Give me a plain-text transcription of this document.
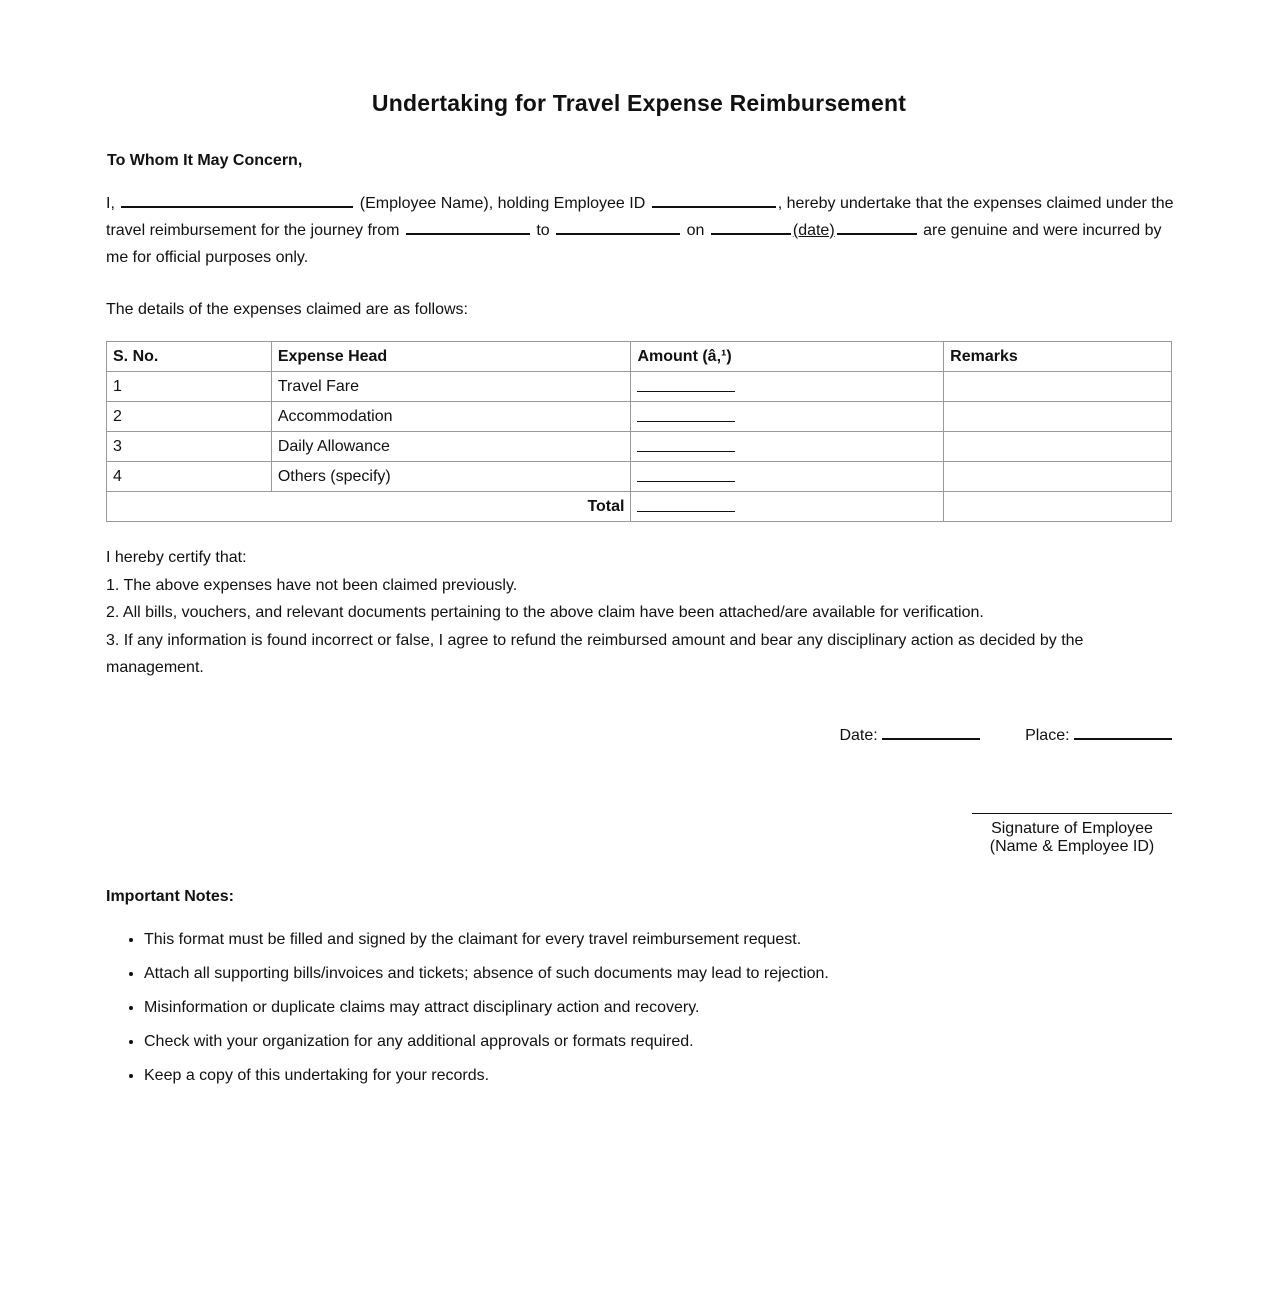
Undertaking for Travel Expense Reimbursement
To Whom It May Concern,
I,	(Employee Name), holding Employee ID	, hereby undertake that the expenses claimed under the travel reimbursement for the journey from	to	on	(date)	are genuine and were incurred by me for official purposes only.
The details of the expenses claimed are as follows:
S. No.	Expense Head	Amount (â‚¹)	Remarks
1	Travel Fare		
2	Accommodation		
3	Daily Allowance		
4	Others (specify)		
Total			
I hereby certify that:
1. The above expenses have not been claimed previously.
2. All bills, vouchers, and relevant documents pertaining to the above claim have been attached/are available for verification.
3. If any information is found incorrect or false, I agree to refund the reimbursed amount and bear any disciplinary action as decided by the management.
Date:	Place:
Signature of Employee
(Name & Employee ID)
Important Notes:
• This format must be filled and signed by the claimant for every travel reimbursement request.
• Attach all supporting bills/invoices and tickets; absence of such documents may lead to rejection.
• Misinformation or duplicate claims may attract disciplinary action and recovery.
• Check with your organization for any additional approvals or formats required.
• Keep a copy of this undertaking for your records.
